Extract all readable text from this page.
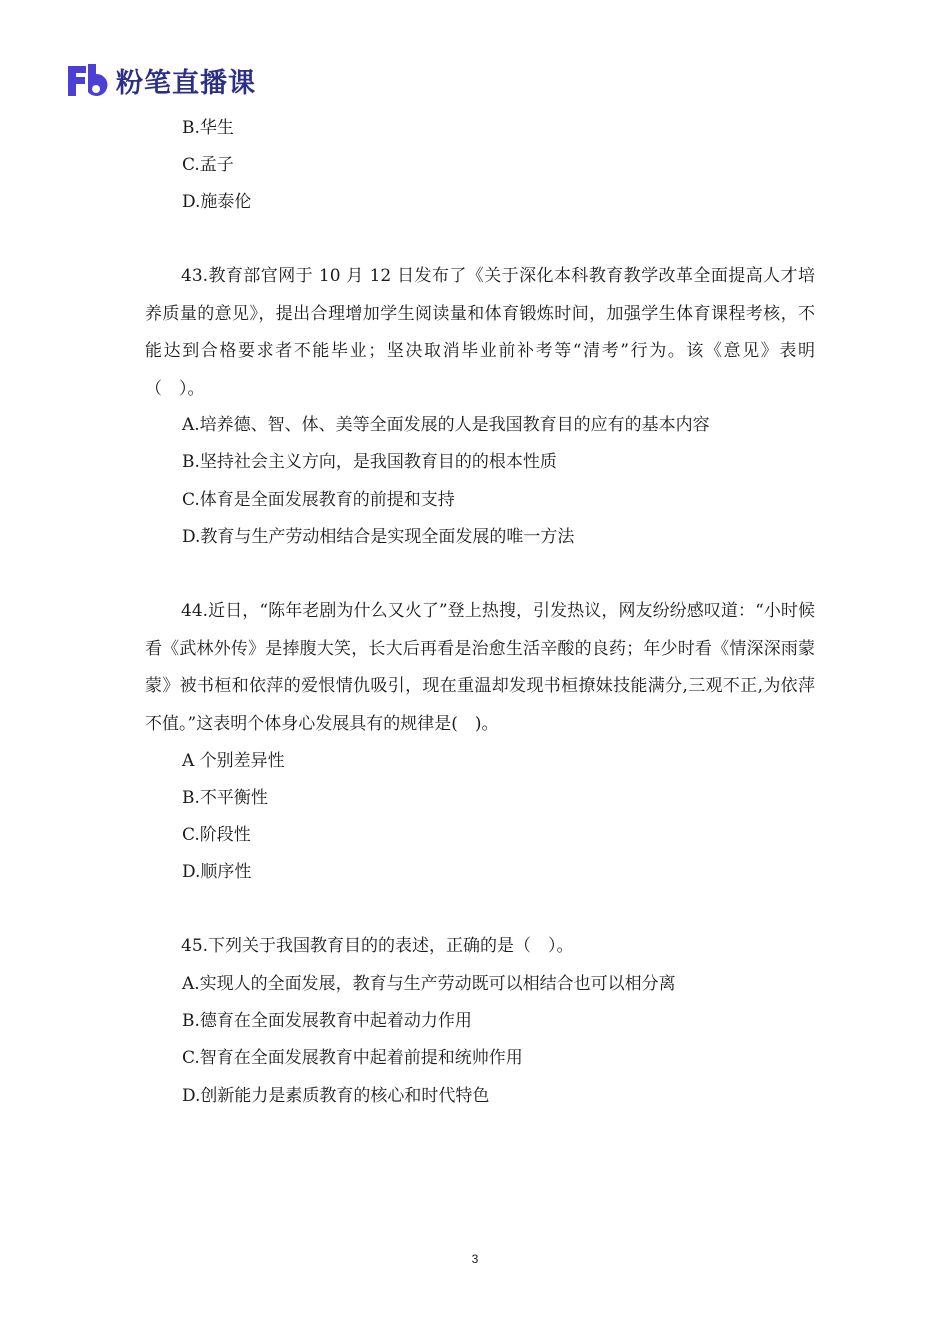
粉笔直播课
B.华生
C.孟子
D.施泰伦
43.教育部官网于 10 月 12 日发布了《关于深化本科教育教学改革全面提高人才培养质量的意见》，提出合理增加学生阅读量和体育锻炼时间，加强学生体育课程考核，不能达到合格要求者不能毕业；坚决取消毕业前补考等“清考”行为。该《意见》表明（　）。
A.培养德、智、体、美等全面发展的人是我国教育目的应有的基本内容
B.坚持社会主义方向，是我国教育目的的根本性质
C.体育是全面发展教育的前提和支持
D.教育与生产劳动相结合是实现全面发展的唯一方法
44.近日，“陈年老剧为什么又火了”登上热搜，引发热议，网友纷纷感叹道：“小时候看《武林外传》是捧腹大笑，长大后再看是治愈生活辛酸的良药；年少时看《情深深雨蒙蒙》被书桓和依萍的爱恨情仇吸引，现在重温却发现书桓撩妹技能满分,三观不正,为依萍不值。”这表明个体身心发展具有的规律是(　)。
A 个别差异性
B.不平衡性
C.阶段性
D.顺序性
45.下列关于我国教育目的的表述，正确的是（　）。
A.实现人的全面发展，教育与生产劳动既可以相结合也可以相分离
B.德育在全面发展教育中起着动力作用
C.智育在全面发展教育中起着前提和统帅作用
D.创新能力是素质教育的核心和时代特色
3
